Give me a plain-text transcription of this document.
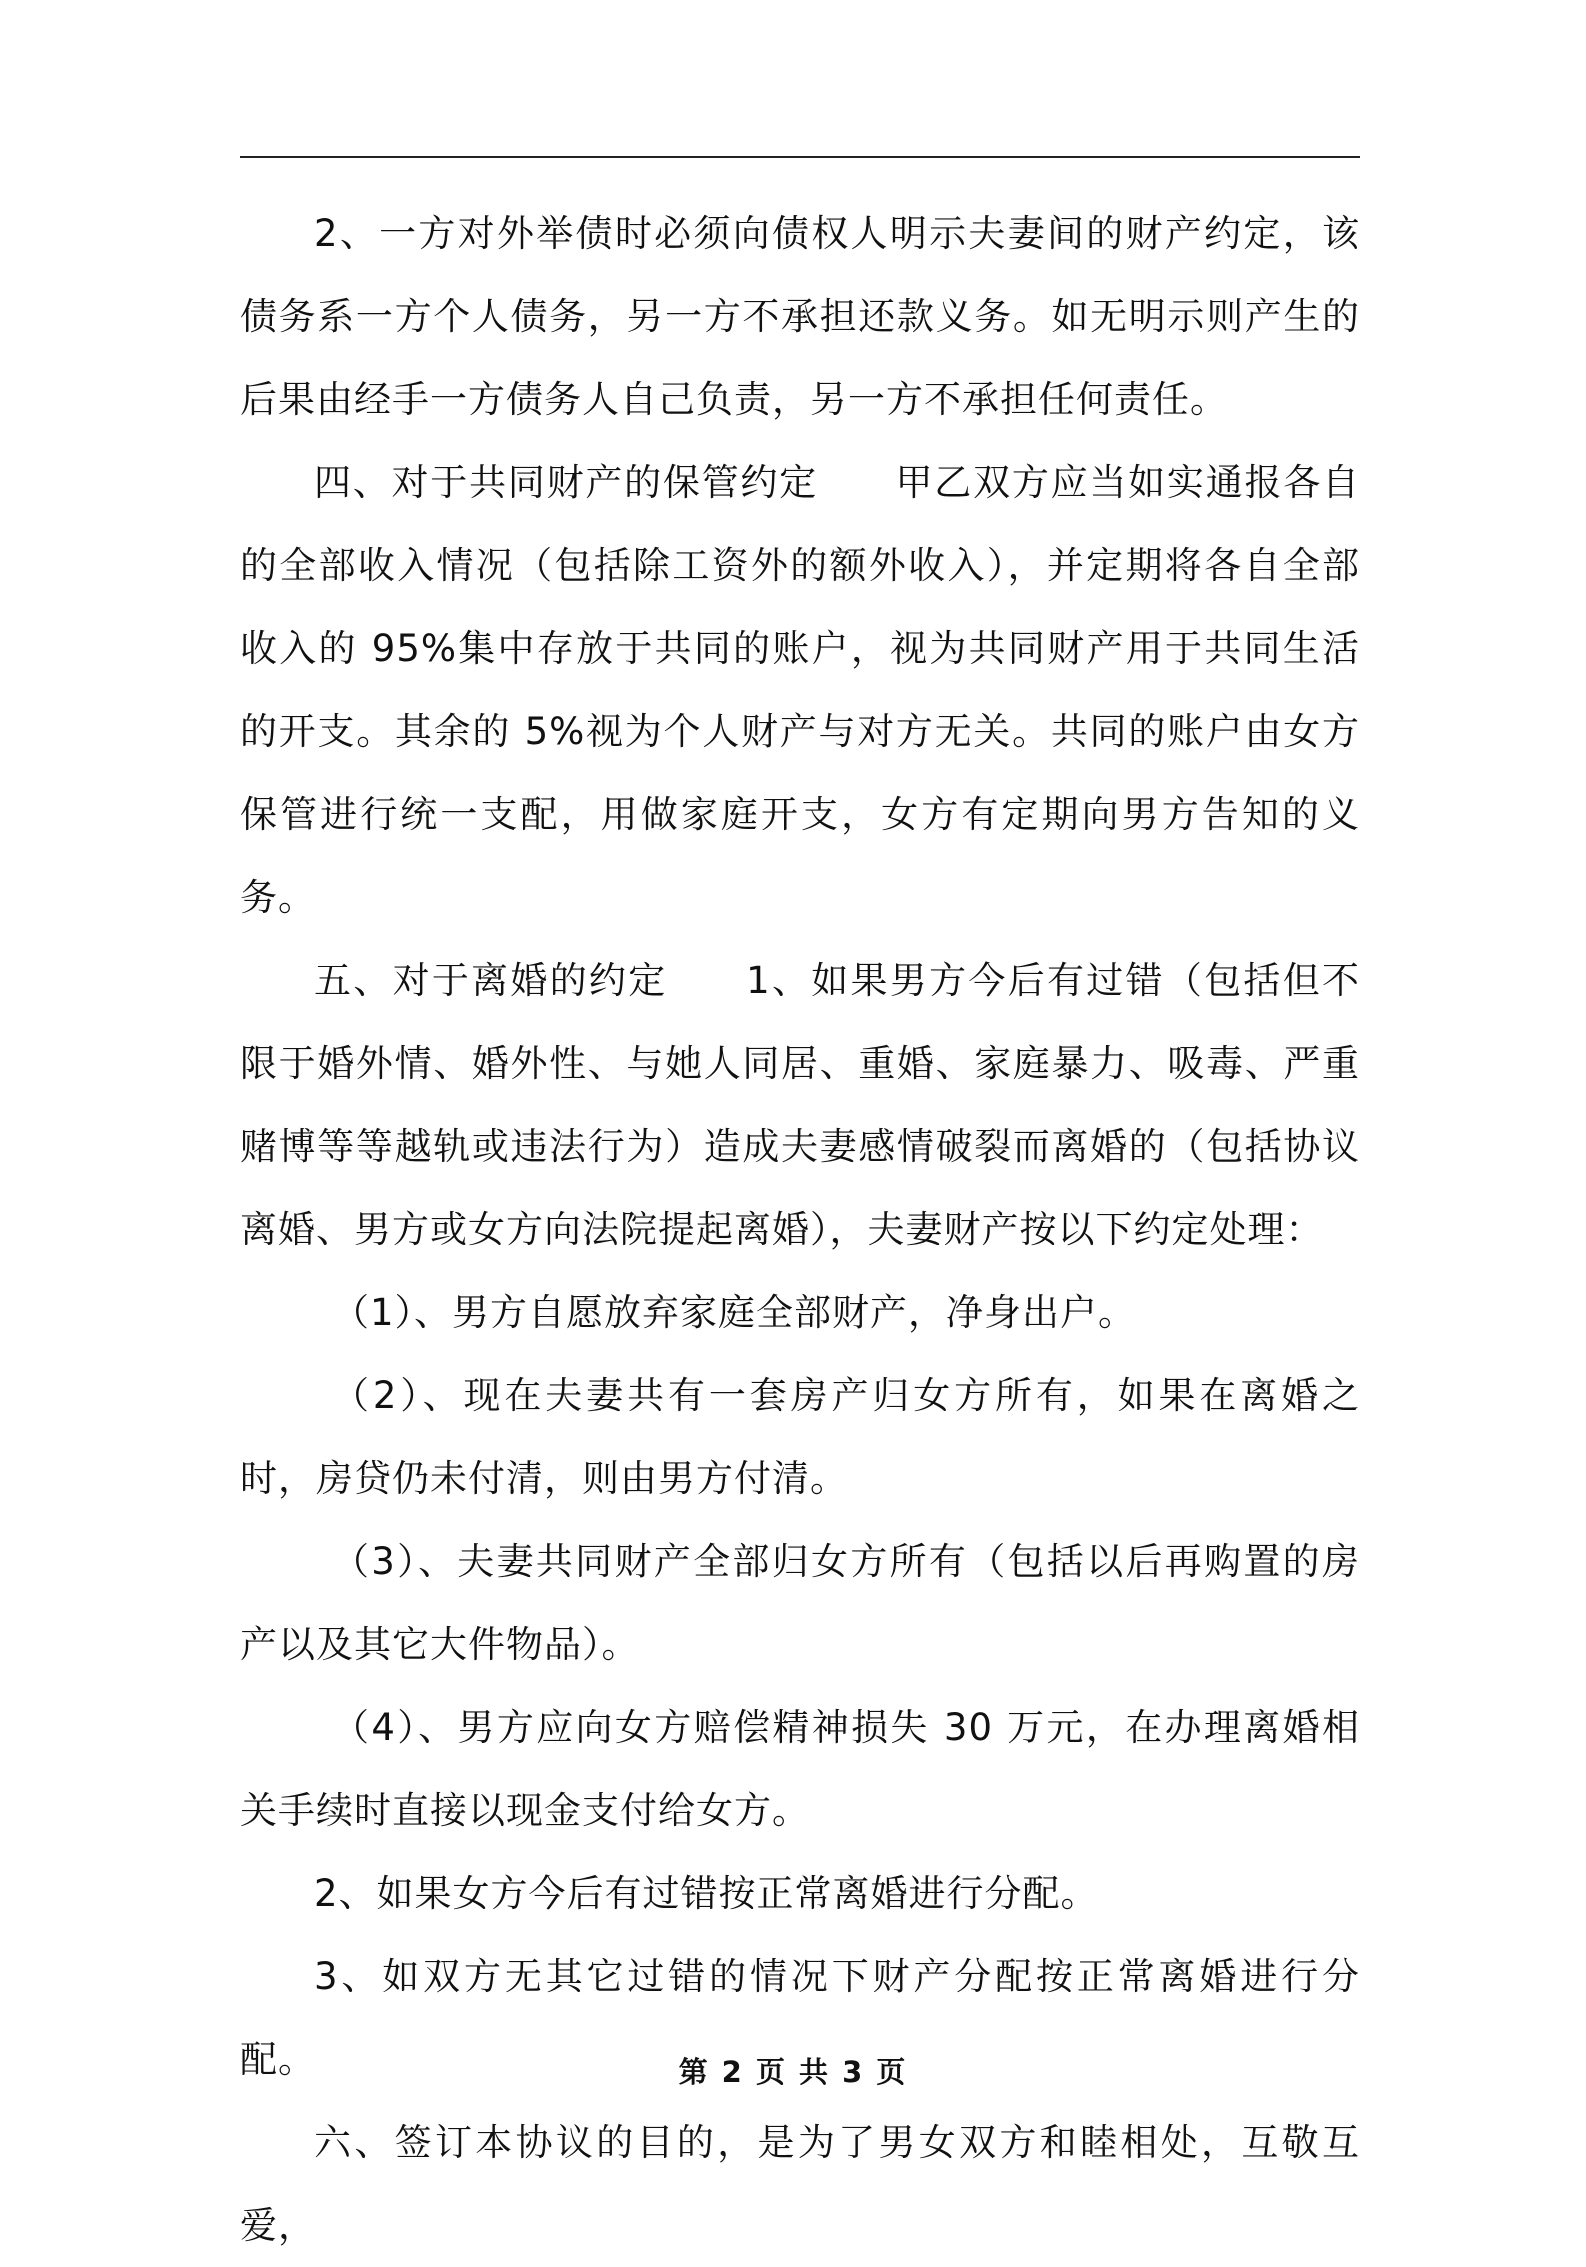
2、一方对外举债时必须向债权人明示夫妻间的财产约定，该债务系一方个人债务，另一方不承担还款义务。如无明示则产生的后果由经手一方债务人自己负责，另一方不承担任何责任。

四、对于共同财产的保管约定　　甲乙双方应当如实通报各自的全部收入情况（包括除工资外的额外收入），并定期将各自全部收入的 95%集中存放于共同的账户，视为共同财产用于共同生活的开支。其余的 5%视为个人财产与对方无关。共同的账户由女方保管进行统一支配，用做家庭开支，女方有定期向男方告知的义务。

五、对于离婚的约定　　1、如果男方今后有过错（包括但不限于婚外情、婚外性、与她人同居、重婚、家庭暴力、吸毒、严重赌博等等越轨或违法行为）造成夫妻感情破裂而离婚的（包括协议离婚、男方或女方向法院提起离婚），夫妻财产按以下约定处理：

（1）、男方自愿放弃家庭全部财产，净身出户。

（2）、现在夫妻共有一套房产归女方所有，如果在离婚之时，房贷仍未付清，则由男方付清。

（3）、夫妻共同财产全部归女方所有（包括以后再购置的房产以及其它大件物品）。

（4）、男方应向女方赔偿精神损失 30 万元，在办理离婚相关手续时直接以现金支付给女方。

2、如果女方今后有过错按正常离婚进行分配。

3、如双方无其它过错的情况下财产分配按正常离婚进行分配。

六、签订本协议的目的，是为了男女双方和睦相处，互敬互爱，

第 2 页 共 3 页
